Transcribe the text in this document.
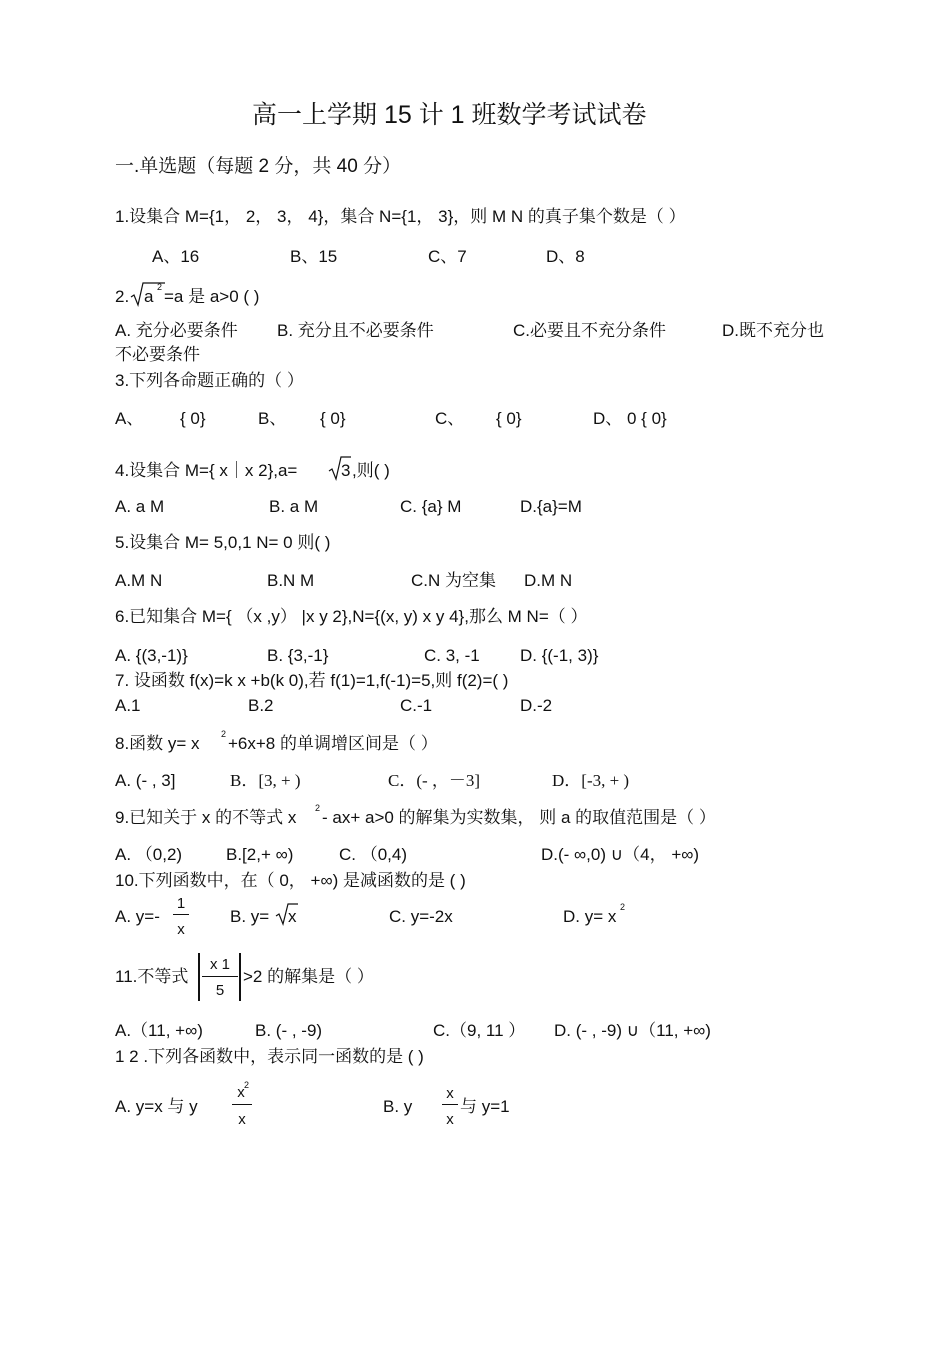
高一上学期 15 计 1 班数学考试试卷
一.单选题（每题 2 分，共 40 分）
1.设集合 M={1， 2， 3， 4}，集合 N={1， 3}，则 M N 的真子集个数是（ ）
A、16	B、15	C、7	D、8
2. a 2 =a 是 a>0 ( )
A. 充分必要条件 B. 充分且不必要条件	C.必要且不充分条件	D.既不充分也
不必要条件
3.下列各命题正确的（ ）
A、 { 0}	B、 { 0}	C、 { 0}	D、 0 { 0}
4.设集合 M={ x｜x 2},a=	3 ,则( )
A. a M	B. a M	C. {a} M	D.{a}=M
5.设集合 M= 5,0,1 N= 0 则( )
A.M N	B.N M	C.N 为空集 D.M N
6.已知集合 M={ （x ,y） |x y 2},N={(x, y) x y 4},那么 M N=（ ）
A. {(3,-1)}	B. {3,-1}	C. 3, -1 D. {(-1, 3)}
7. 设函数 f(x)=k x +b(k 0),若 f(1)=1,f(-1)=5,则 f(2)=( )
A.1	B.2	C.-1	D.-2
8.函数 y= x 2 +6x+8 的单调增区间是（ ）
A. (- , 3]	B．[3, + )	C．(- ，－3]	D．[-3, + )
9.已知关于 x 的不等式 x 2 - ax+ a>0 的解集为实数集， 则 a 的取值范围是（ ）
A. （0,2)	B.[2,+ ∞)	C. （0,4)	D.(- ∞,0) ∪（4， +∞)
10.下列函数中，在（ 0， +∞) 是减函数的是 ( )
A. y=-
1
x
B. y= x	C. y=-2x	D. y= x 2
11.不等式
x 1
5
>2 的解集是（ ）
A.（11, +∞)	B. (- , -9)	C.（9, 11 ） D. (- , -9) ∪（11, +∞)
1 2 .下列各函数中，表示同一函数的是 ( )
A. y=x 与 y
x 2
x
B. y
x
x
与 y=1
